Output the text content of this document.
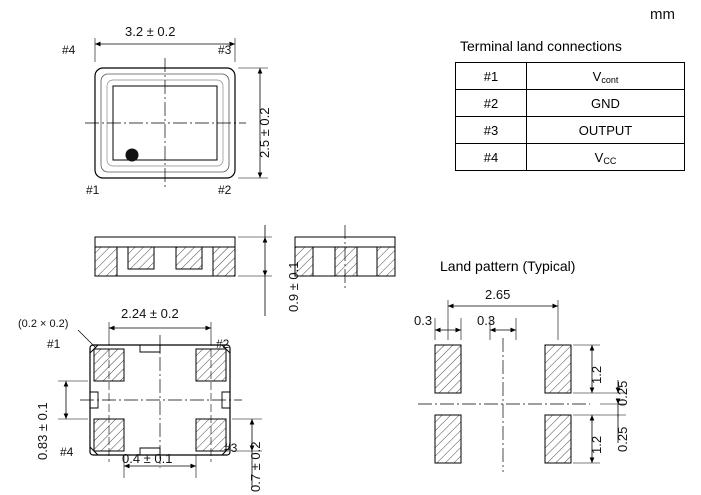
mm
3.2 ± 0.2
2.5 ± 0.2
#4	#3
#1	#2
0.9 ± 0.1
(0.2 × 0.2)
2.24 ± 0.2
0.4 ± 0.1
0.83 ± 0.1
0.7 ± 0.2
#1	#2
#4	#3
Land pattern (Typical)
2.65
0.3	0.3
1.2
1.2
0.25
0.25
Terminal land connections
#1	$V_{cont}$
#2	GND
#3	OUTPUT
#4	$V_{CC}$
